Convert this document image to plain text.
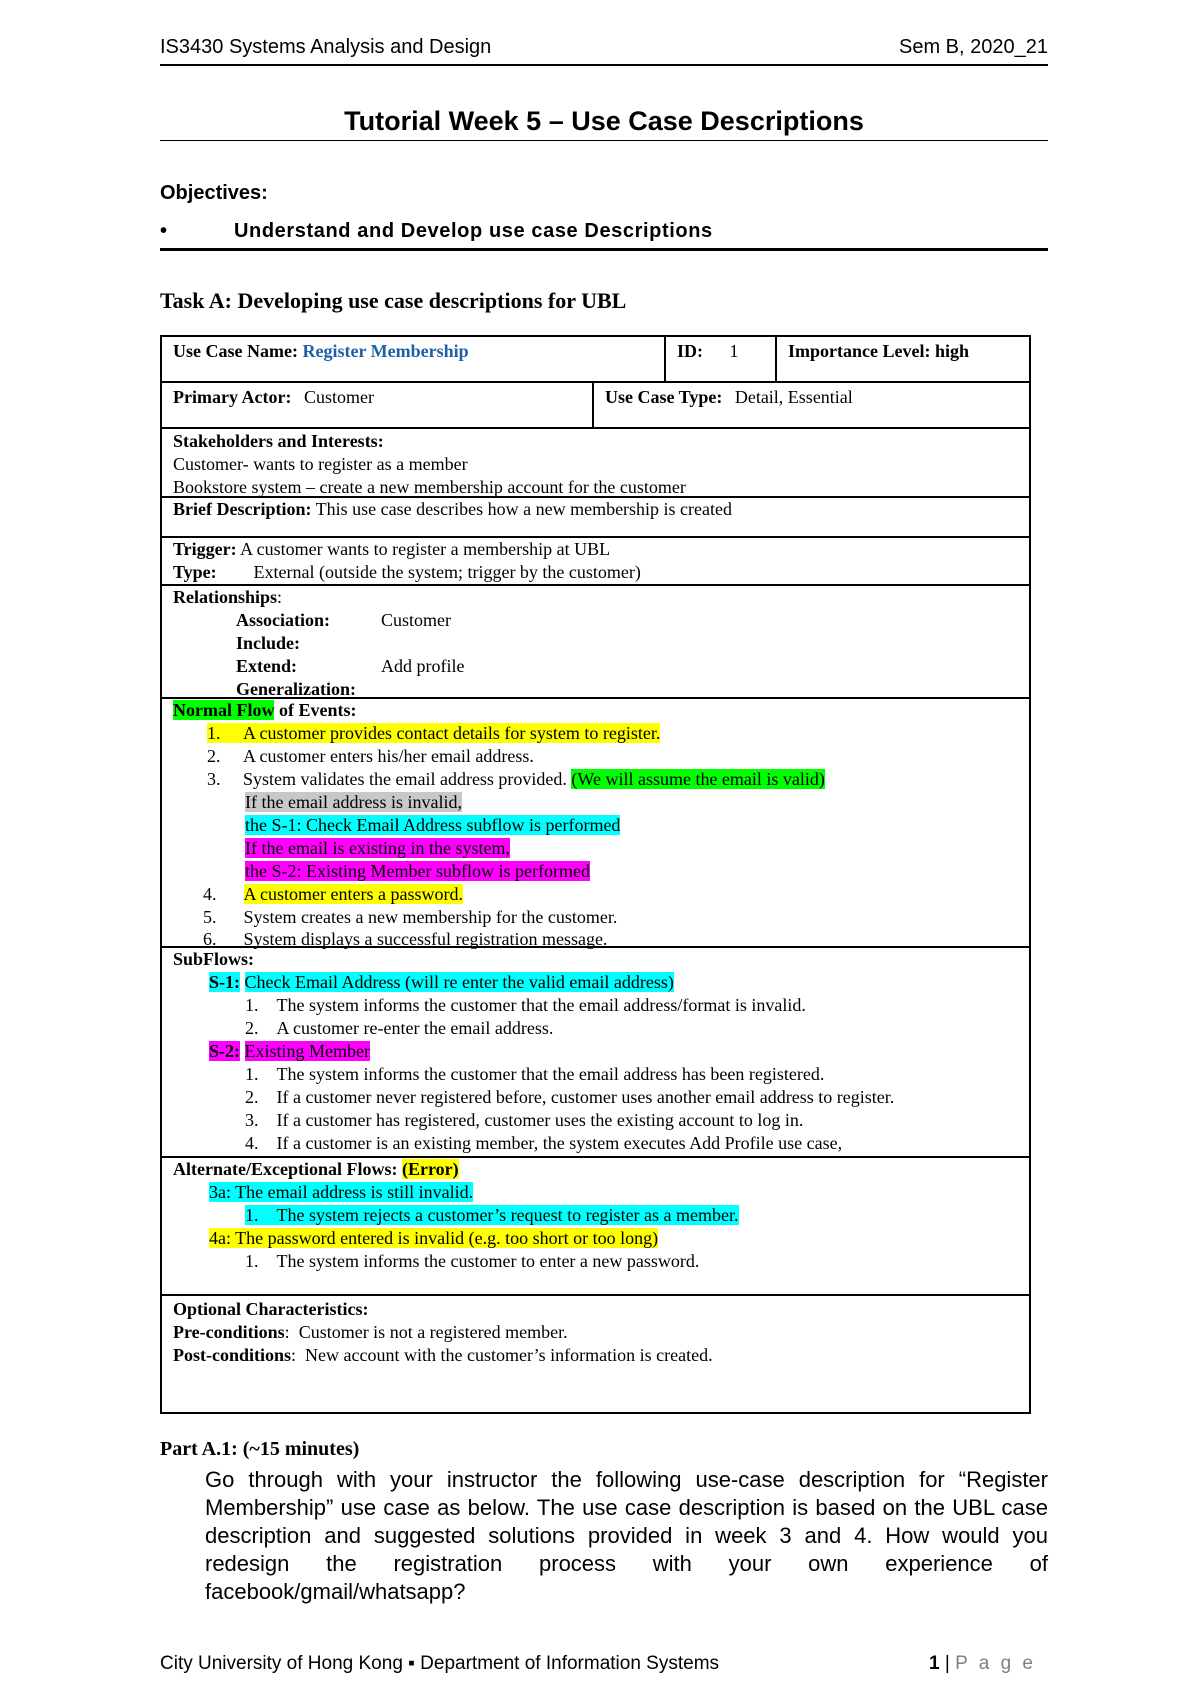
IS3430 Systems Analysis and Design	Sem B, 2020_21
Tutorial Week 5 – Use Case Descriptions
Objectives:
•	Understand and Develop use case Descriptions
Task A: Developing use case descriptions for UBL
Use Case Name: Register Membership	ID: 1	Importance Level: high
Primary Actor: Customer	Use Case Type: Detail, Essential
Stakeholders and Interests:
Customer- wants to register as a member
Bookstore system – create a new membership account for the customer
Brief Description: This use case describes how a new membership is created
Trigger: A customer wants to register a membership at UBL
Type: External (outside the system; trigger by the customer)
Relationships:
Association:	Customer
Include:
Extend:	Add profile
Generalization:
Normal Flow of Events:
1.     A customer provides contact details for system to register.
2.     A customer enters his/her email address.
3.     System validates the email address provided. (We will assume the email is valid)
If the email address is invalid,
the S-1: Check Email Address subflow is performed
If the email is existing in the system,
the S-2: Existing Member subflow is performed
4.      A customer enters a password.
5.      System creates a new membership for the customer.
6.      System displays a successful registration message.
SubFlows:
S-1: Check Email Address (will re enter the valid email address)
1.    The system informs the customer that the email address/format is invalid.
2.    A customer re-enter the email address.
S-2: Existing Member
1.    The system informs the customer that the email address has been registered.
2.    If a customer never registered before, customer uses another email address to register.
3.    If a customer has registered, customer uses the existing account to log in.
4.    If a customer is an existing member, the system executes Add Profile use case,
Alternate/Exceptional Flows: (Error)
3a: The email address is still invalid.
1.    The system rejects a customer’s request to register as a member.
4a: The password entered is invalid (e.g. too short or too long)
1.    The system informs the customer to enter a new password.
Optional Characteristics:
Pre-conditions:  Customer is not a registered member.
Post-conditions:  New account with the customer’s information is created.
Part A.1: (~15 minutes)
Go through with your instructor the following use-case description for “Register Membership” use case as below. The use case description is based on the UBL case description and suggested solutions provided in week 3 and 4. How would you redesign the registration process with your own experience of facebook/gmail/whatsapp?
City University of Hong Kong ▪ Department of Information Systems	1 | P a g e
